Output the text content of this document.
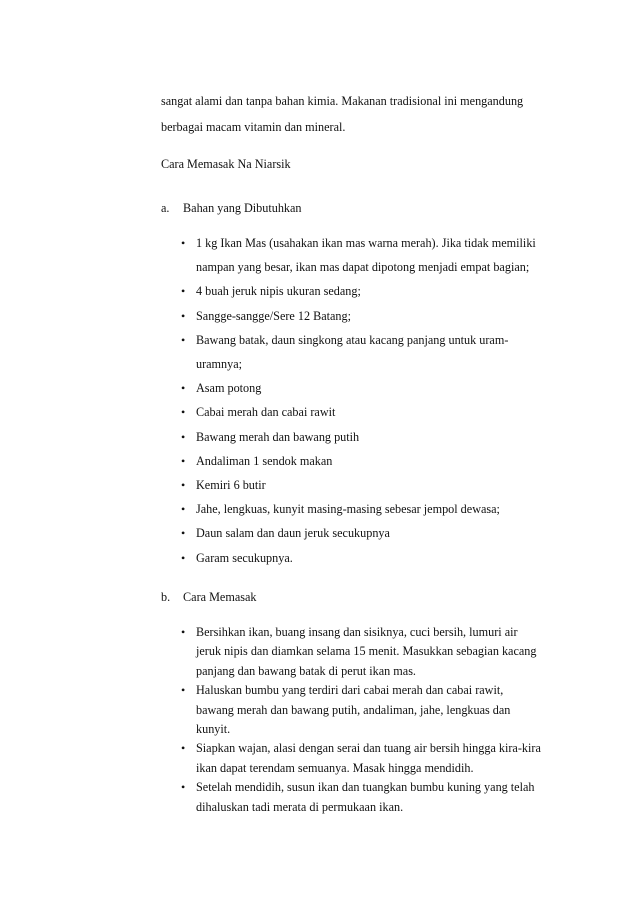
sangat alami dan tanpa bahan kimia. Makanan tradisional ini mengandung
berbagai macam vitamin dan mineral.
Cara Memasak Na Niarsik
a. Bahan yang Dibutuhkan
• 1 kg Ikan Mas (usahakan ikan mas warna merah). Jika tidak memiliki nampan yang besar, ikan mas dapat dipotong menjadi empat bagian;
• 4 buah jeruk nipis ukuran sedang;
• Sangge-sangge/Sere 12 Batang;
• Bawang batak, daun singkong atau kacang panjang untuk uram-uramnya;
• Asam potong
• Cabai merah dan cabai rawit
• Bawang merah dan bawang putih
• Andaliman 1 sendok makan
• Kemiri 6 butir
• Jahe, lengkuas, kunyit masing-masing sebesar jempol dewasa;
• Daun salam dan daun jeruk secukupnya
• Garam secukupnya.
b. Cara Memasak
• Bersihkan ikan, buang insang dan sisiknya, cuci bersih, lumuri air jeruk nipis dan diamkan selama 15 menit. Masukkan sebagian kacang panjang dan bawang batak di perut ikan mas.
• Haluskan bumbu yang terdiri dari cabai merah dan cabai rawit, bawang merah dan bawang putih, andaliman, jahe, lengkuas dan kunyit.
• Siapkan wajan, alasi dengan serai dan tuang air bersih hingga kira-kira ikan dapat terendam semuanya. Masak hingga mendidih.
• Setelah mendidih, susun ikan dan tuangkan bumbu kuning yang telah dihaluskan tadi merata di permukaan ikan.
